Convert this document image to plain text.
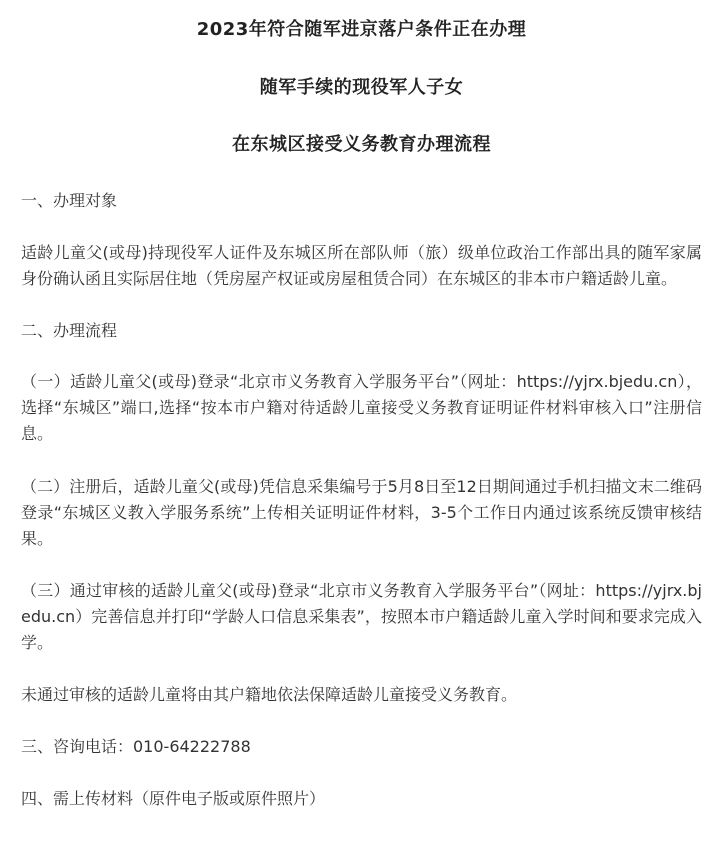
2023年符合随军进京落户条件正在办理
随军手续的现役军人子女
在东城区接受义务教育办理流程

一、办理对象

适龄儿童父(或母)持现役军人证件及东城区所在部队师（旅）级单位政治工作部出具的随军家属身份确认函且实际居住地（凭房屋产权证或房屋租赁合同）在东城区的非本市户籍适龄儿童。

二、办理流程

（一）适龄儿童父(或母)登录“北京市义务教育入学服务平台”（网址：https://yjrx.bjedu.cn），选择“东城区”端口,选择“按本市户籍对待适龄儿童接受义务教育证明证件材料审核入口”注册信息。

（二）注册后，适龄儿童父(或母)凭信息采集编号于5月8日至12日期间通过手机扫描文末二维码登录“东城区义教入学服务系统”上传相关证明证件材料，3-5个工作日内通过该系统反馈审核结果。

（三）通过审核的适龄儿童父(或母)登录“北京市义务教育入学服务平台”（网址：https://yjrx.bjedu.cn）完善信息并打印“学龄人口信息采集表”，按照本市户籍适龄儿童入学时间和要求完成入学。

未通过审核的适龄儿童将由其户籍地依法保障适龄儿童接受义务教育。

三、咨询电话：010-64222788

四、需上传材料（原件电子版或原件照片）
